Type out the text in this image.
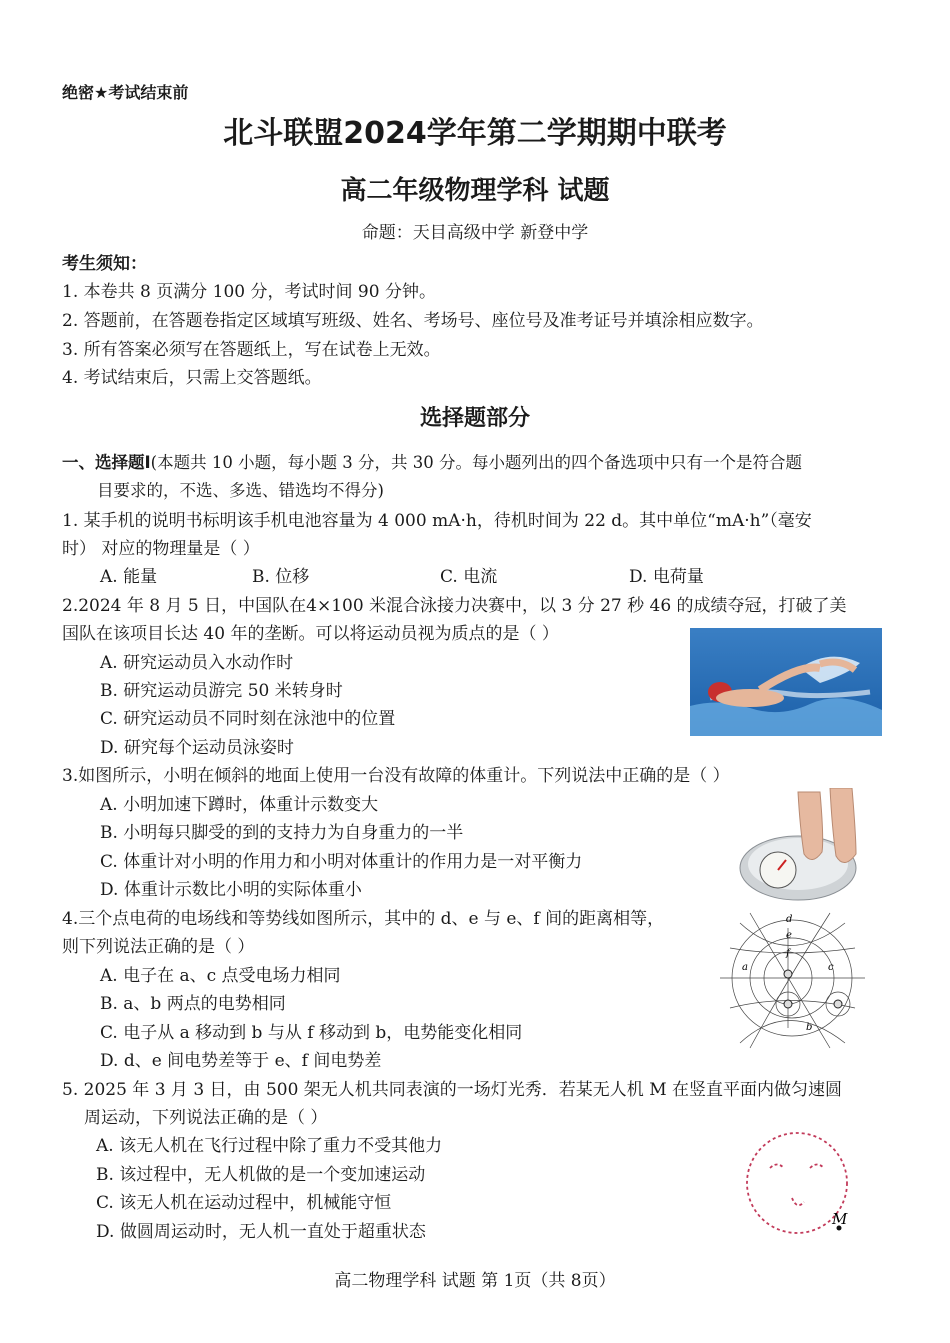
绝密★考试结束前
北斗联盟2024学年第二学期期中联考
高二年级物理学科 试题
命题：天目高级中学 新登中学
考生须知：
1. 本卷共 8 页满分 100 分，考试时间 90 分钟。
2. 答题前，在答题卷指定区域填写班级、姓名、考场号、座位号及准考证号并填涂相应数字。
3. 所有答案必须写在答题纸上，写在试卷上无效。
4. 考试结束后，只需上交答题纸。
选择题部分
一、选择题Ⅰ(本题共 10 小题，每小题 3 分，共 30 分。每小题列出的四个备选项中只有一个是符合题
目要求的，不选、多选、错选均不得分)
1. 某手机的说明书标明该手机电池容量为 4 000 mA·h，待机时间为 22 d。其中单位“mA·h”（毫安
时） 对应的物理量是（ ）
A. 能量	B. 位移	C. 电流	D. 电荷量
2.2024 年 8 月 5 日，中国队在4×100 米混合泳接力决赛中，以 3 分 27 秒 46 的成绩夺冠，打破了美
国队在该项目长达 40 年的垄断。可以将运动员视为质点的是（ ）
A. 研究运动员入水动作时
B. 研究运动员游完 50 米转身时
C. 研究运动员不同时刻在泳池中的位置
D. 研究每个运动员泳姿时
3.如图所示，小明在倾斜的地面上使用一台没有故障的体重计。下列说法中正确的是（ ）
A. 小明加速下蹲时，体重计示数变大
B. 小明每只脚受的到的支持力为自身重力的一半
C. 体重计对小明的作用力和小明对体重计的作用力是一对平衡力
D. 体重计示数比小明的实际体重小
4.三个点电荷的电场线和等势线如图所示，其中的 d、e 与 e、f 间的距离相等，
则下列说法正确的是（ ）
A. 电子在 a、c 点受电场力相同
B. a、b 两点的电势相同
C. 电子从 a 移动到 b 与从 f 移动到 b，电势能变化相同
D. d、e 间电势差等于 e、f 间电势差
d
e
f
a	c
b
5. 2025 年 3 月 3 日，由 500 架无人机共同表演的一场灯光秀．若某无人机 M 在竖直平面内做匀速圆
周运动，下列说法正确的是（ ）
A. 该无人机在飞行过程中除了重力不受其他力
B. 该过程中，无人机做的是一个变加速运动
C. 该无人机在运动过程中，机械能守恒
D. 做圆周运动时，无人机一直处于超重状态
M
高二物理学科 试题 第 1页（共 8页）
